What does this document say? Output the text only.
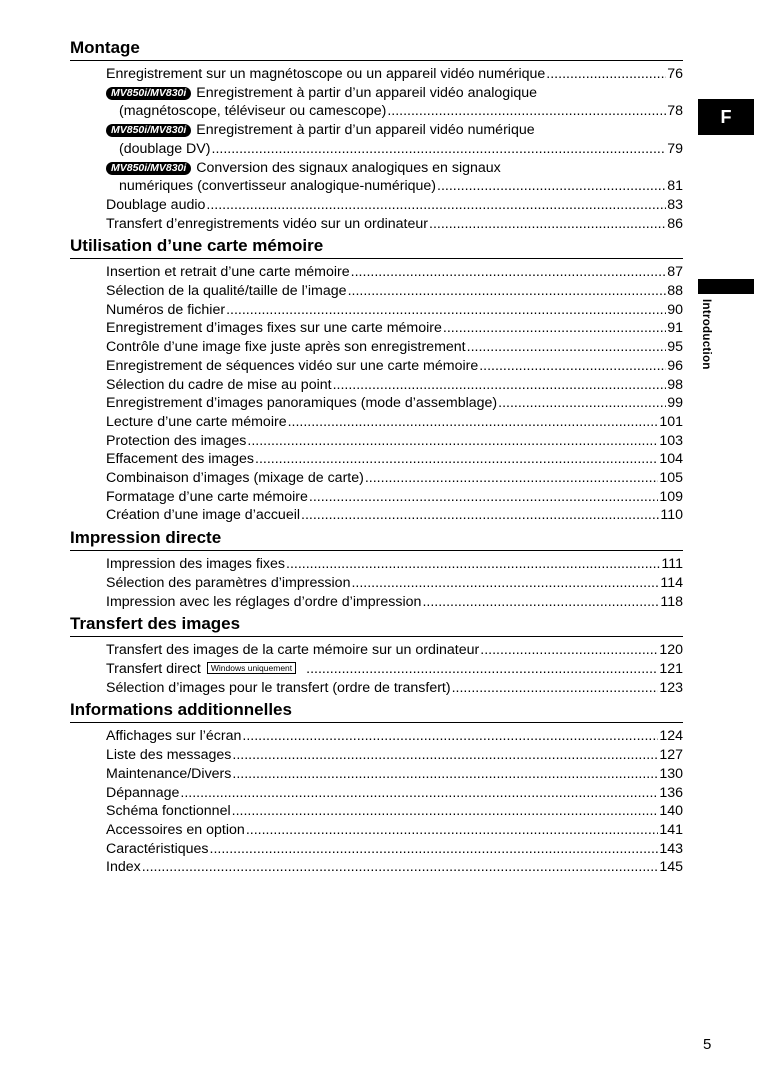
F
Introduction
Montage
Enregistrement sur un magnétoscope ou un appareil vidéo numérique .....	76
MV850i/MV830i Enregistrement à partir d’un appareil vidéo analogique
(magnétoscope, téléviseur ou camescope) .....	78
MV850i/MV830i Enregistrement à partir d’un appareil vidéo numérique
(doublage DV) .....	79
MV850i/MV830i Conversion des signaux analogiques en signaux
numériques (convertisseur analogique-numérique) .....	81
Doublage audio .....	83
Transfert d’enregistrements vidéo sur un ordinateur .....	86
Utilisation d’une carte mémoire
Insertion et retrait d’une carte mémoire .....	87
Sélection de la qualité/taille de l’image .....	88
Numéros de fichier .....	90
Enregistrement d’images fixes sur une carte mémoire .....	91
Contrôle d’une image fixe juste après son enregistrement .....	95
Enregistrement de séquences vidéo sur une carte mémoire .....	96
Sélection du cadre de mise au point .....	98
Enregistrement d’images panoramiques (mode d’assemblage) .....	99
Lecture d’une carte mémoire .....	101
Protection des images .....	103
Effacement des images .....	104
Combinaison d’images (mixage de carte) .....	105
Formatage d’une carte mémoire .....	109
Création d’une image d’accueil .....	110
Impression directe
Impression des images fixes .....	111
Sélection des paramètres d’impression .....	114
Impression avec les réglages d’ordre d’impression .....	118
Transfert des images
Transfert des images de la carte mémoire sur un ordinateur .....	120
Transfert direct Windows uniquement .....	121
Sélection d’images pour le transfert (ordre de transfert) .....	123
Informations additionnelles
Affichages sur l’écran .....	124
Liste des messages .....	127
Maintenance/Divers .....	130
Dépannage .....	136
Schéma fonctionnel .....	140
Accessoires en option .....	141
Caractéristiques .....	143
Index .....	145
5
